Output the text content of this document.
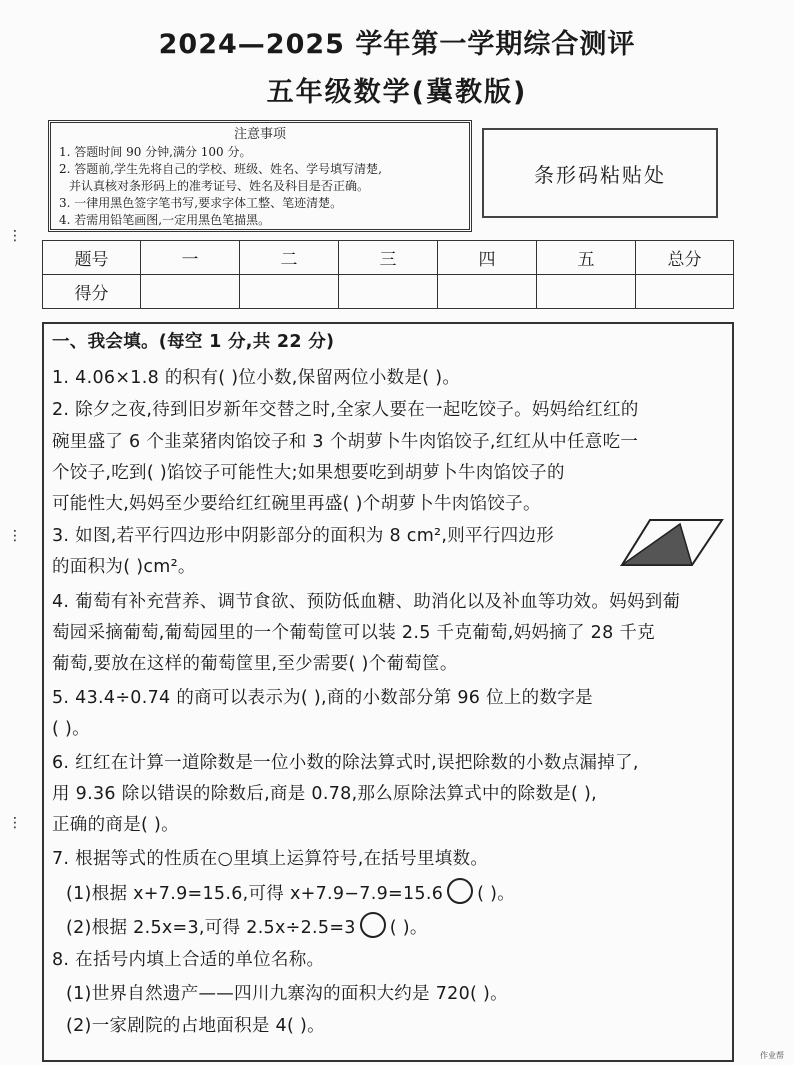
2024—2025 学年第一学期综合测评
五年级数学(冀教版)
注意事项
1. 答题时间 90 分钟,满分 100 分。
2. 答题前,学生先将自己的学校、班级、姓名、学号填写清楚,
并认真核对条形码上的准考证号、姓名及科目是否正确。
3. 一律用黑色签字笔书写,要求字体工整、笔迹清楚。
4. 若需用铅笔画图,一定用黑色笔描黑。
条形码粘贴处
题号	一	二	三	四	五	总分
得分						
一、我会填。(每空 1 分,共 22 分)
1. 4.06×1.8 的积有( )位小数,保留两位小数是( )。
2. 除夕之夜,待到旧岁新年交替之时,全家人要在一起吃饺子。妈妈给红红的
碗里盛了 6 个韭菜猪肉馅饺子和 3 个胡萝卜牛肉馅饺子,红红从中任意吃一
个饺子,吃到( )馅饺子可能性大;如果想要吃到胡萝卜牛肉馅饺子的
可能性大,妈妈至少要给红红碗里再盛( )个胡萝卜牛肉馅饺子。
3. 如图,若平行四边形中阴影部分的面积为 8 cm²,则平行四边形
的面积为( )cm²。
4. 葡萄有补充营养、调节食欲、预防低血糖、助消化以及补血等功效。妈妈到葡
萄园采摘葡萄,葡萄园里的一个葡萄筐可以装 2.5 千克葡萄,妈妈摘了 28 千克
葡萄,要放在这样的葡萄筐里,至少需要( )个葡萄筐。
5. 43.4÷0.74 的商可以表示为( ),商的小数部分第 96 位上的数字是
( )。
6. 红红在计算一道除数是一位小数的除法算式时,误把除数的小数点漏掉了,
用 9.36 除以错误的除数后,商是 0.78,那么原除法算式中的除数是( ),
正确的商是( )。
7. 根据等式的性质在○里填上运算符号,在括号里填数。
(1)根据 x+7.9=15.6,可得 x+7.9−7.9=15.6 ( )。
(2)根据 2.5x=3,可得 2.5x÷2.5=3 ( )。
8. 在括号内填上合适的单位名称。
(1)世界自然遗产——四川九寨沟的面积大约是 720( )。
(2)一家剧院的占地面积是 4( )。
⋮
⋮
⋮
作业帮
